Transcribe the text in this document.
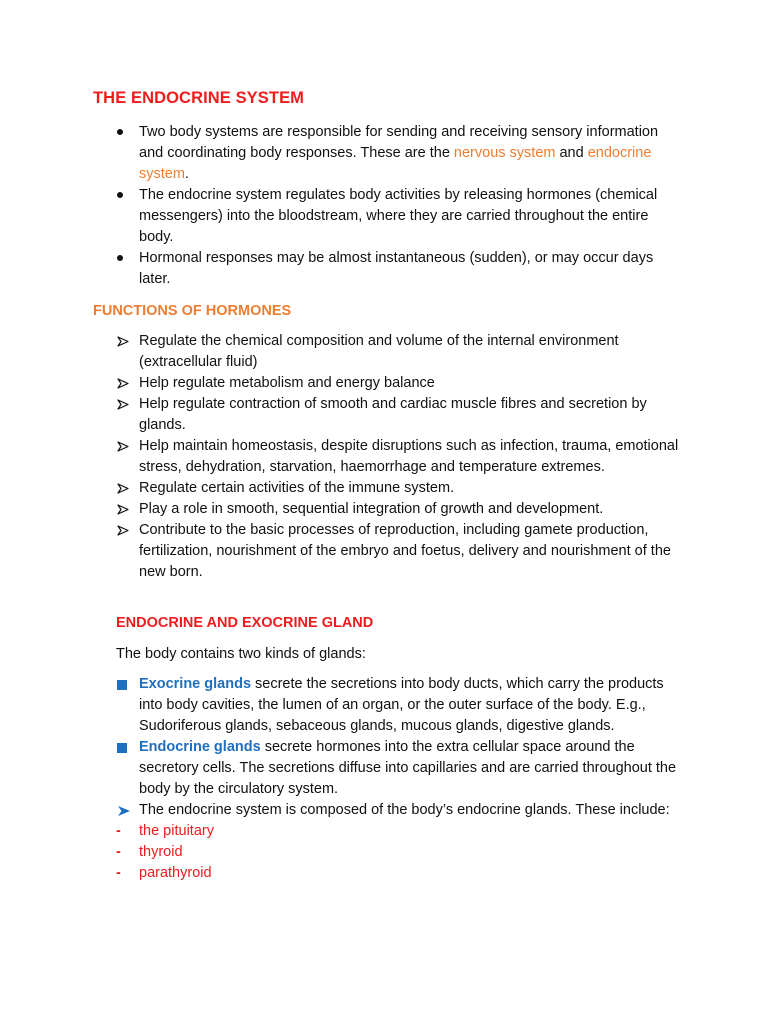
THE ENDOCRINE SYSTEM
Two body systems are responsible for sending and receiving sensory information and coordinating body responses. These are the nervous system and endocrine system.
The endocrine system regulates body activities by releasing hormones (chemical messengers) into the bloodstream, where they are carried throughout the entire body.
Hormonal responses may be almost instantaneous (sudden), or may occur days later.
FUNCTIONS OF HORMONES
Regulate the chemical composition and volume of the internal environment (extracellular fluid)
Help regulate metabolism and energy balance
Help regulate contraction of smooth and cardiac muscle fibres and secretion by glands.
Help maintain homeostasis, despite disruptions such as infection, trauma, emotional stress, dehydration, starvation, haemorrhage and temperature extremes.
Regulate certain activities of the immune system.
Play a role in smooth, sequential integration of growth and development.
Contribute to the basic processes of reproduction, including gamete production, fertilization, nourishment of the embryo and foetus, delivery and nourishment of the new born.
ENDOCRINE AND EXOCRINE GLAND

The body contains two kinds of glands:

Exocrine glands secrete the secretions into body ducts, which carry the products into body cavities, the lumen of an organ, or the outer surface of the body. E.g., Sudoriferous glands, sebaceous glands, mucous glands, digestive glands.
Endocrine glands secrete hormones into the extra cellular space around the secretory cells. The secretions diffuse into capillaries and are carried throughout the body by the circulatory system.
The endocrine system is composed of the body’s endocrine glands. These include:
- the pituitary
- thyroid
- parathyroid
